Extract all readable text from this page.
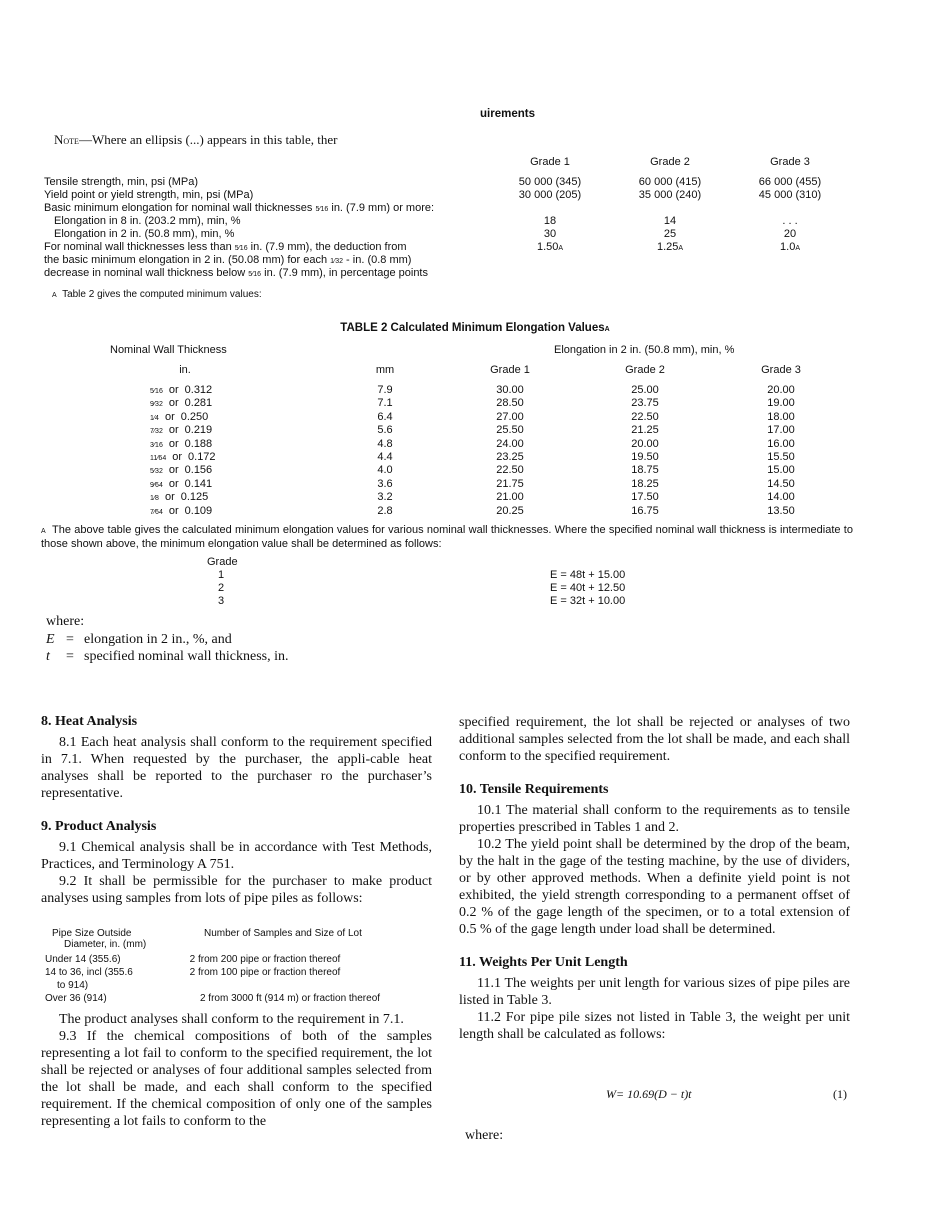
uirements
NOTE—Where an ellipsis (...) appears in this table, ther
Grade 1	Grade 2	Grade 3
Tensile strength, min, psi (MPa)	50 000 (345)	60 000 (415)	66 000 (455)
Yield point or yield strength, min, psi (MPa)	30 000 (205)	35 000 (240)	45 000 (310)
Basic minimum elongation for nominal wall thicknesses 5⁄16 in. (7.9 mm) or more:
Elongation in 8 in. (203.2 mm), min, %	18	14	. . .
Elongation in 2 in. (50.8 mm), min, %	30	25	20
For nominal wall thicknesses less than 5⁄16 in. (7.9 mm), the deduction from	1.50A	1.25A	1.0A
the basic minimum elongation in 2 in. (50.08 mm) for each 1⁄32 - in. (0.8 mm)
decrease in nominal wall thickness below 5⁄16 in. (7.9 mm), in percentage points
A Table 2 gives the computed minimum values:
TABLE 2 Calculated Minimum Elongation ValuesA
Nominal Wall Thickness	Elongation in 2 in. (50.8 mm), min, %
in.	mm	Grade 1	Grade 2	Grade 3
5⁄16 or 0.312	7.9	30.00	25.00	20.00
9⁄32 or 0.281	7.1	28.50	23.75	19.00
1⁄4 or 0.250	6.4	27.00	22.50	18.00
7⁄32 or 0.219	5.6	25.50	21.25	17.00
3⁄16 or 0.188	4.8	24.00	20.00	16.00
11⁄64 or 0.172	4.4	23.25	19.50	15.50
5⁄32 or 0.156	4.0	22.50	18.75	15.00
9⁄64 or 0.141	3.6	21.75	18.25	14.50
1⁄8 or 0.125	3.2	21.00	17.50	14.00
7⁄64 or 0.109	2.8	20.25	16.75	13.50
A The above table gives the calculated minimum elongation values for various nominal wall thicknesses. Where the specified nominal wall thickness is intermediate to those shown above, the minimum elongation value shall be determined as follows:
Grade
1	E = 48t + 15.00
2	E = 40t + 12.50
3	E = 32t + 10.00
where:
E = elongation in 2 in., %, and
t = specified nominal wall thickness, in.
8. Heat Analysis
8.1 Each heat analysis shall conform to the requirement specified in 7.1. When requested by the purchaser, the appli-cable heat analyses shall be reported to the purchaser ro the purchaser’s representative.
9. Product Analysis
9.1 Chemical analysis shall be in accordance with Test Methods, Practices, and Terminology A 751.
9.2 It shall be permissible for the purchaser to make product analyses using samples from lots of pipe piles as follows:
Pipe Size Outside
Diameter, in. (mm)
Number of Samples and Size of Lot
Under 14 (355.6)	2 from 200 pipe or fraction thereof
14 to 36, incl (355.6
to 914)
2 from 100 pipe or fraction thereof
Over 36 (914)	2 from 3000 ft (914 m) or fraction thereof
The product analyses shall conform to the requirement in 7.1.
9.3 If the chemical compositions of both of the samples representing a lot fail to conform to the specified requirement, the lot shall be rejected or analyses of four additional samples selected from the lot shall be made, and each shall conform to the specified requirement. If the chemical composition of only one of the samples representing a lot fails to conform to the
specified requirement, the lot shall be rejected or analyses of two additional samples selected from the lot shall be made, and each shall conform to the specified requirement.
10. Tensile Requirements
10.1 The material shall conform to the requirements as to tensile properties prescribed in Tables 1 and 2.
10.2 The yield point shall be determined by the drop of the beam, by the halt in the gage of the testing machine, by the use of dividers, or by other approved methods. When a definite yield point is not exhibited, the yield strength corresponding to a permanent offset of 0.2 % of the gage length of the specimen, or to a total extension of 0.5 % of the gage length under load shall be determined.
11. Weights Per Unit Length
11.1 The weights per unit length for various sizes of pipe piles are listed in Table 3.
11.2 For pipe pile sizes not listed in Table 3, the weight per unit length shall be calculated as follows:
W= 10.69(D − t)t	(1)
where:
